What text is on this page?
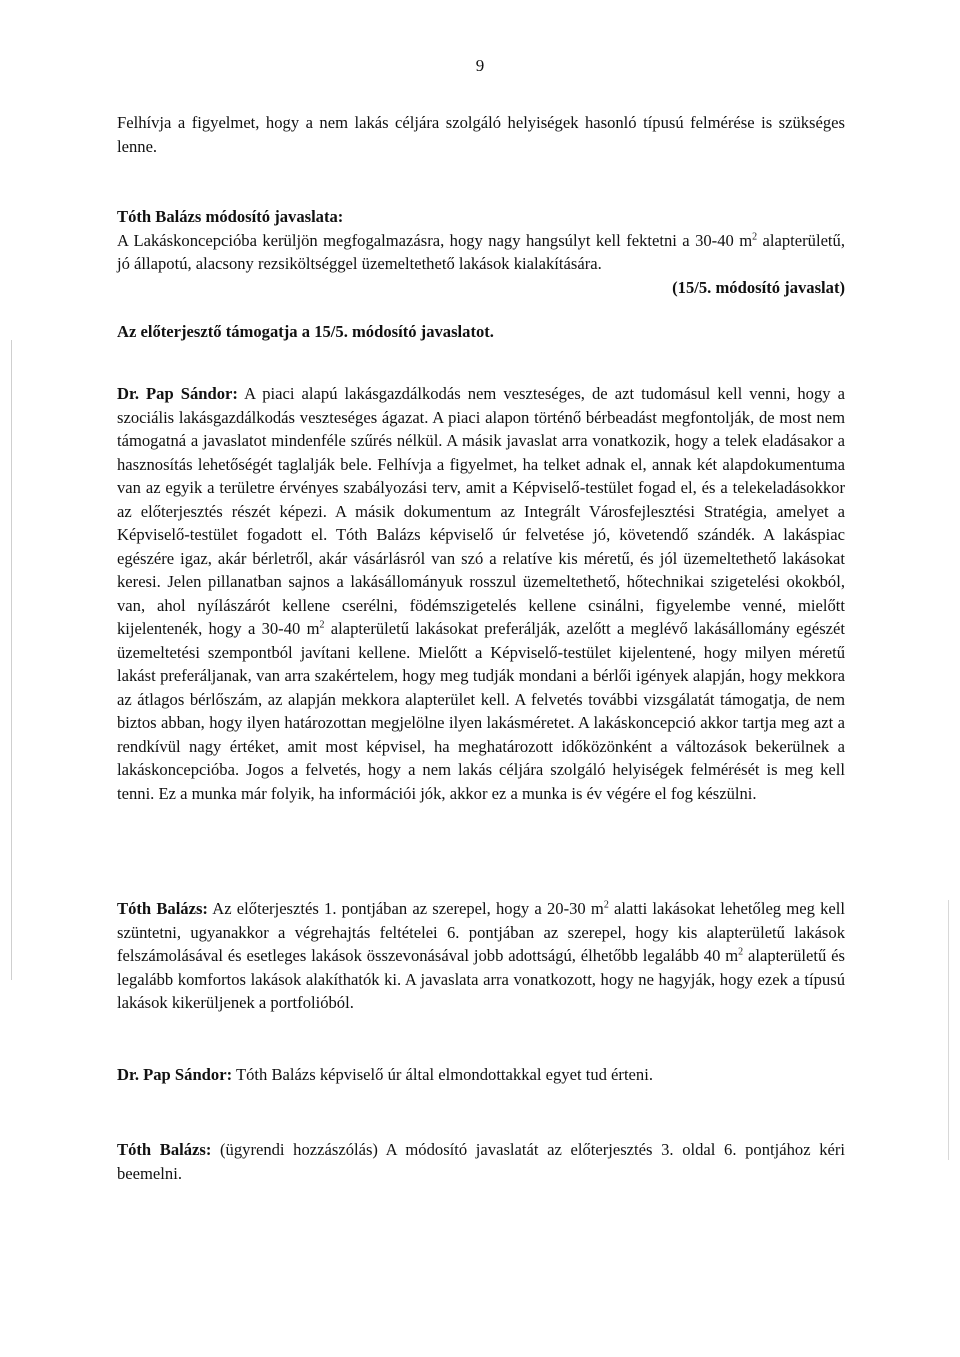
9

Felhívja a figyelmet, hogy a nem lakás céljára szolgáló helyiségek hasonló típusú felmérése is szükséges lenne.

Tóth Balázs módosító javaslata:

A Lakáskoncepcióba kerüljön megfogalmazásra, hogy nagy hangsúlyt kell fektetni a 30-40 $m^2$ alapterületű, jó állapotú, alacsony rezsiköltséggel üzemeltethető lakások kialakítására.

(15/5. módosító javaslat)

Az előterjesztő támogatja a 15/5. módosító javaslatot.

Dr. Pap Sándor: A piaci alapú lakásgazdálkodás nem veszteséges, de azt tudomásul kell venni, hogy a szociális lakásgazdálkodás veszteséges ágazat. A piaci alapon történő bérbeadást megfontolják, de most nem támogatná a javaslatot mindenféle szűrés nélkül. A másik javaslat arra vonatkozik, hogy a telek eladásakor a hasznosítás lehetőségét taglalják bele. Felhívja a figyelmet, ha telket adnak el, annak két alapdokumentuma van az egyik a területre érvényes szabályozási terv, amit a Képviselő-testület fogad el, és a telekeladásokkor az előterjesztés részét képezi. A másik dokumentum az Integrált Városfejlesztési Stratégia, amelyet a Képviselő-testület fogadott el. Tóth Balázs képviselő úr felvetése jó, követendő szándék. A lakáspiac egészére igaz, akár bérletről, akár vásárlásról van szó a relatíve kis méretű, és jól üzemeltethető lakásokat keresi. Jelen pillanatban sajnos a lakásállományuk rosszul üzemeltethető, hőtechnikai szigetelési okokból, van, ahol nyílászárót kellene cserélni, födémszigetelés kellene csinálni, figyelembe venné, mielőtt kijelentenék, hogy a 30-40 $m^2$ alapterületű lakásokat preferálják, azelőtt a meglévő lakásállomány egészét üzemeltetési szempontból javítani kellene. Mielőtt a Képviselő-testület kijelentené, hogy milyen méretű lakást preferáljanak, van arra szakértelem, hogy meg tudják mondani a bérlői igények alapján, hogy mekkora az átlagos bérlőszám, az alapján mekkora alapterület kell. A felvetés további vizsgálatát támogatja, de nem biztos abban, hogy ilyen határozottan megjelölne ilyen lakásméretet. A lakáskoncepció akkor tartja meg azt a rendkívül nagy értéket, amit most képvisel, ha meghatározott időközönként a változások bekerülnek a lakáskoncepcióba. Jogos a felvetés, hogy a nem lakás céljára szolgáló helyiségek felmérését is meg kell tenni. Ez a munka már folyik, ha információi jók, akkor ez a munka is év végére el fog készülni.

Tóth Balázs: Az előterjesztés 1. pontjában az szerepel, hogy a 20-30 $m^2$ alatti lakásokat lehetőleg meg kell szüntetni, ugyanakkor a végrehajtás feltételei 6. pontjában az szerepel, hogy kis alapterületű lakások felszámolásával és esetleges lakások összevonásával jobb adottságú, élhetőbb legalább 40 $m^2$ alapterületű és legalább komfortos lakások alakíthatók ki. A javaslata arra vonatkozott, hogy ne hagyják, hogy ezek a típusú lakások kikerüljenek a portfolióból.

Dr. Pap Sándor: Tóth Balázs képviselő úr által elmondottakkal egyet tud érteni.

Tóth Balázs: (ügyrendi hozzászólás) A módosító javaslatát az előterjesztés 3. oldal 6. pontjához kéri beemelni.
